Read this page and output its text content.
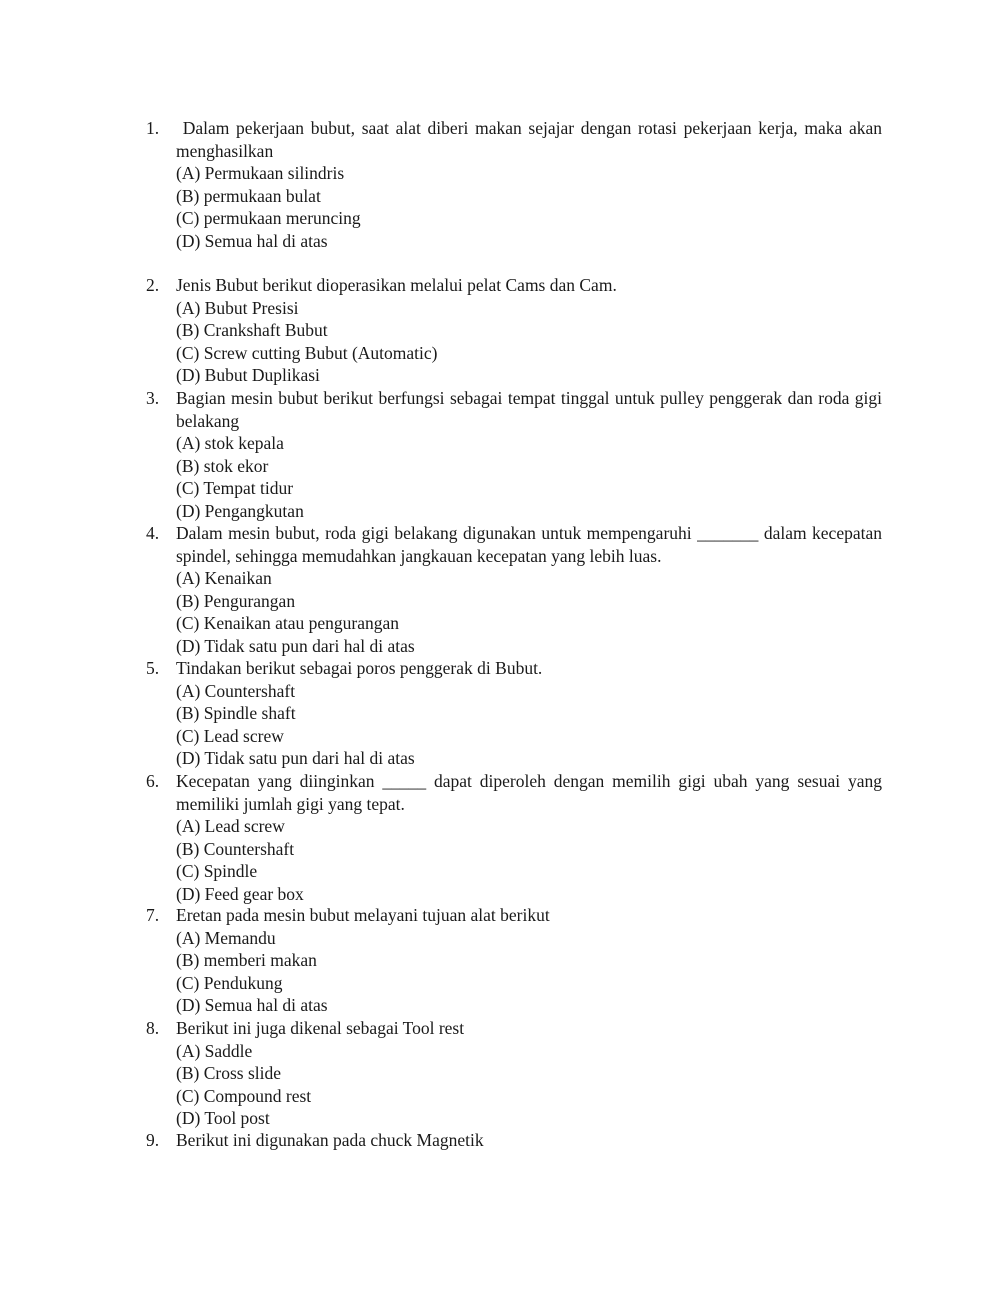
1. Dalam pekerjaan bubut, saat alat diberi makan sejajar dengan rotasi pekerjaan kerja, maka akan menghasilkan
(A) Permukaan silindris
(B) permukaan bulat
(C) permukaan meruncing
(D) Semua hal di atas
2. Jenis Bubut berikut dioperasikan melalui pelat Cams dan Cam.
(A) Bubut Presisi
(B) Crankshaft Bubut
(C) Screw cutting Bubut (Automatic)
(D) Bubut Duplikasi
3. Bagian mesin bubut berikut berfungsi sebagai tempat tinggal untuk pulley penggerak dan roda gigi belakang
(A) stok kepala
(B) stok ekor
(C) Tempat tidur
(D) Pengangkutan
4. Dalam mesin bubut, roda gigi belakang digunakan untuk mempengaruhi _______ dalam kecepatan spindel, sehingga memudahkan jangkauan kecepatan yang lebih luas.
(A) Kenaikan
(B) Pengurangan
(C) Kenaikan atau pengurangan
(D) Tidak satu pun dari hal di atas
5. Tindakan berikut sebagai poros penggerak di Bubut.
(A) Countershaft
(B) Spindle shaft
(C) Lead screw
(D) Tidak satu pun dari hal di atas
6. Kecepatan yang diinginkan _____ dapat diperoleh dengan memilih gigi ubah yang sesuai yang memiliki jumlah gigi yang tepat.
(A) Lead screw
(B) Countershaft
(C) Spindle
(D) Feed gear box
7. Eretan pada mesin bubut melayani tujuan alat berikut
(A) Memandu
(B) memberi makan
(C) Pendukung
(D) Semua hal di atas
8. Berikut ini juga dikenal sebagai Tool rest
(A) Saddle
(B) Cross slide
(C) Compound rest
(D) Tool post
9. Berikut ini digunakan pada chuck Magnetik
